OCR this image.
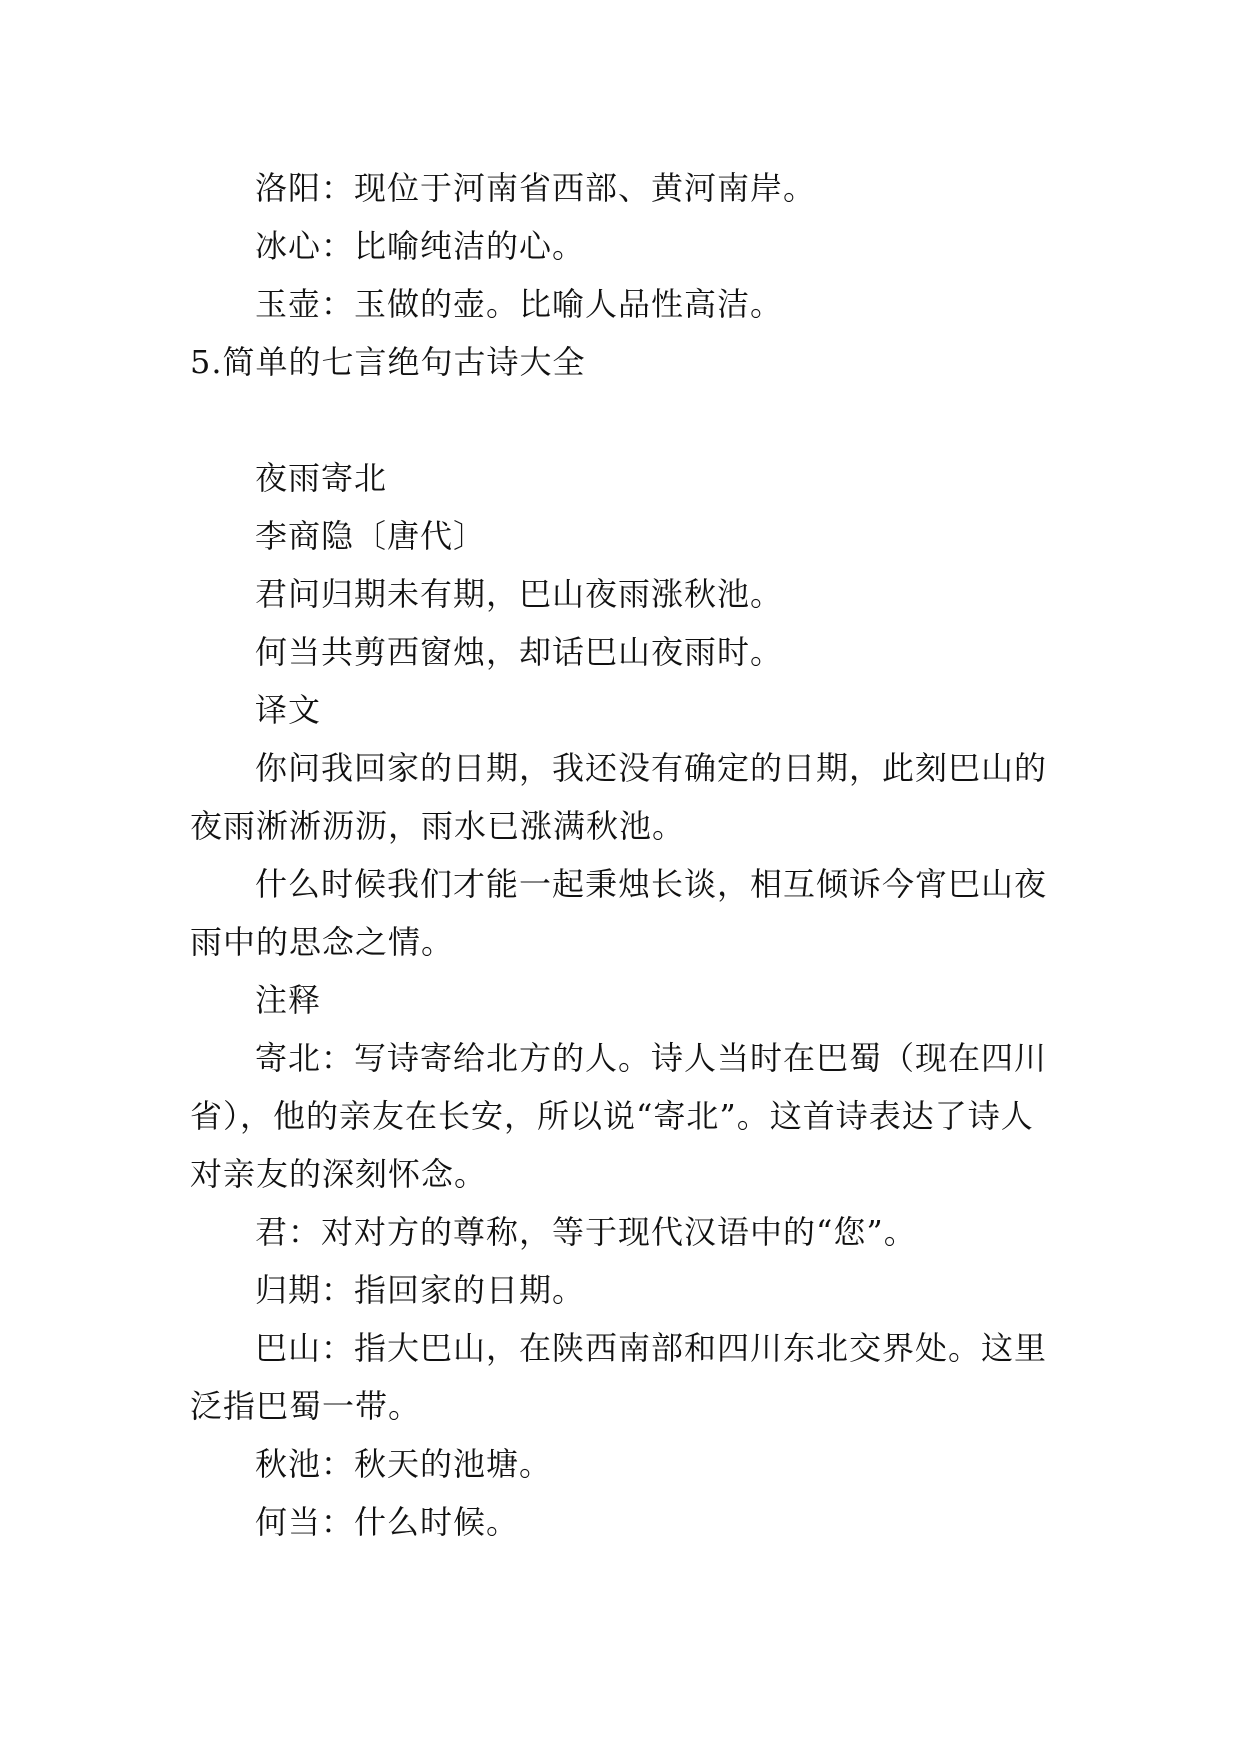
洛阳：现位于河南省西部、黄河南岸。
冰心：比喻纯洁的心。
玉壶：玉做的壶。比喻人品性高洁。
5.简单的七言绝句古诗大全
夜雨寄北
李商隐〔唐代〕
君问归期未有期，巴山夜雨涨秋池。
何当共剪西窗烛，却话巴山夜雨时。
译文
你问我回家的日期，我还没有确定的日期，此刻巴山的
夜雨淅淅沥沥，雨水已涨满秋池。
什么时候我们才能一起秉烛长谈，相互倾诉今宵巴山夜
雨中的思念之情。
注释
寄北：写诗寄给北方的人。诗人当时在巴蜀（现在四川
省），他的亲友在长安，所以说“寄北”。这首诗表达了诗人
对亲友的深刻怀念。
君：对对方的尊称，等于现代汉语中的“您”。
归期：指回家的日期。
巴山：指大巴山，在陕西南部和四川东北交界处。这里
泛指巴蜀一带。
秋池：秋天的池塘。
何当：什么时候。
